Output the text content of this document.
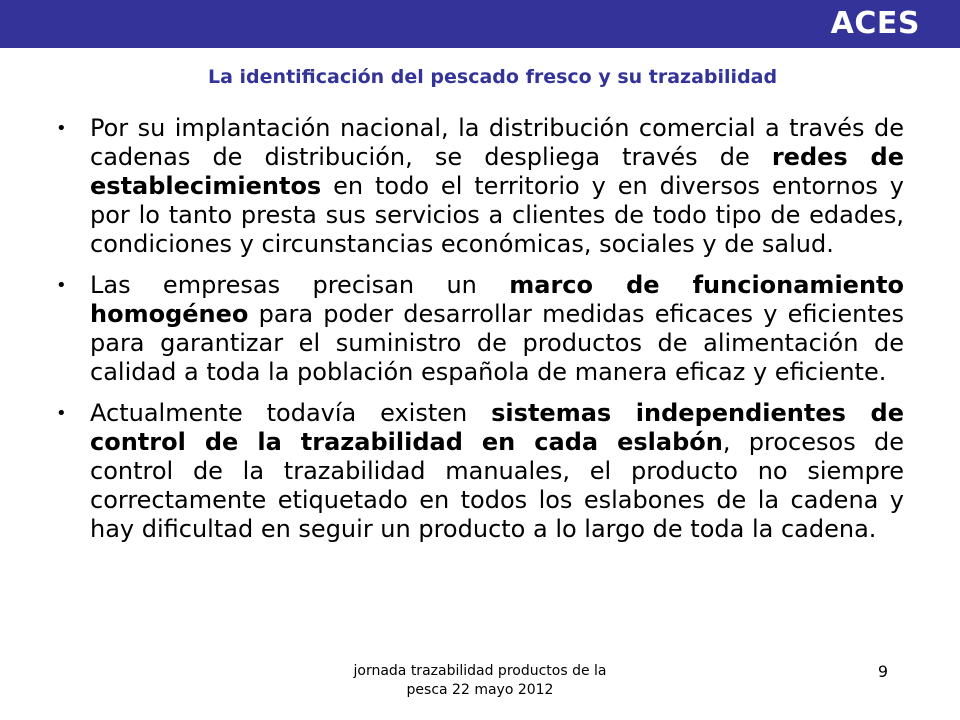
ACES
La identificación del pescado fresco y su trazabilidad
• Por su implantación nacional, la distribución comercial a través de cadenas de distribución, se despliega través de redes de establecimientos en todo el territorio y en diversos entornos y por lo tanto presta sus servicios a clientes de todo tipo de edades, condiciones y circunstancias económicas, sociales y de salud.
• Las empresas precisan un marco de funcionamiento homogéneo para poder desarrollar medidas eficaces y eficientes para garantizar el suministro de productos de alimentación de calidad a toda la población española de manera eficaz y eficiente.
• Actualmente todavía existen sistemas independientes de control de la trazabilidad en cada eslabón, procesos de control de la trazabilidad manuales, el producto no siempre correctamente etiquetado en todos los eslabones de la cadena y hay dificultad en seguir un producto a lo largo de toda la cadena.
jornada trazabilidad productos de la
pesca 22 mayo 2012
9
